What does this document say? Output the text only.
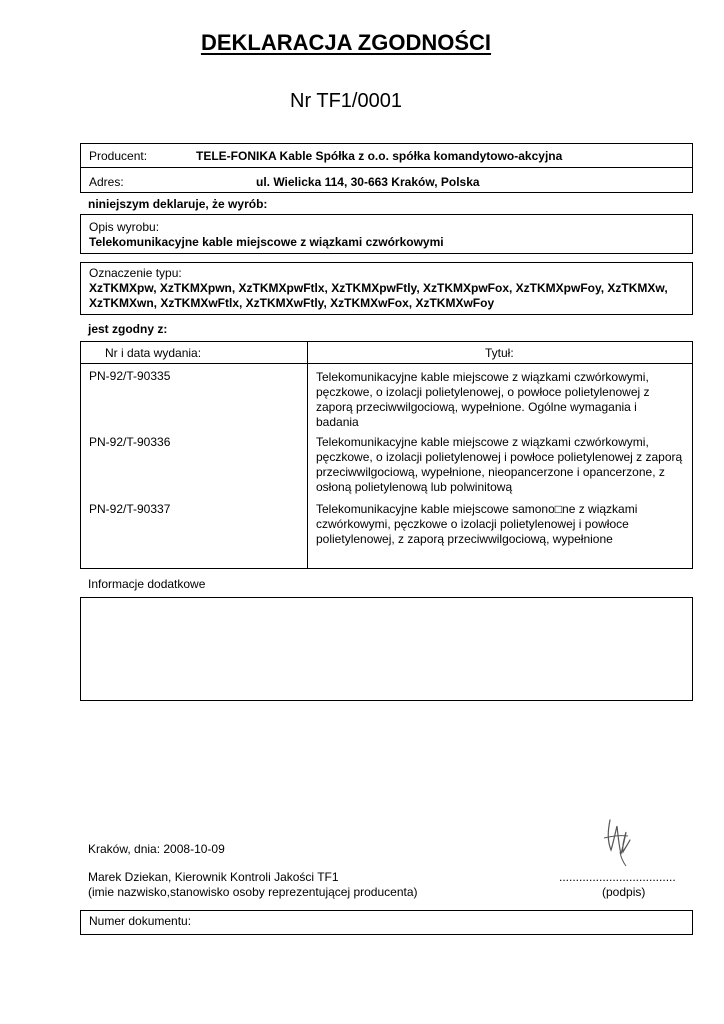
DEKLARACJA ZGODNOŚCI
Nr TF1/0001
Producent:	TELE-FONIKA Kable Spółka z o.o. spółka komandytowo-akcyjna
Adres:	ul. Wielicka 114, 30-663 Kraków, Polska
niniejszym deklaruje, że wyrób:
Opis wyrobu:
Telekomunikacyjne kable miejscowe z wiązkami czwórkowymi
Oznaczenie typu:
XzTKMXpw, XzTKMXpwn, XzTKMXpwFtlx, XzTKMXpwFtly, XzTKMXpwFox, XzTKMXpwFoy, XzTKMXw,
XzTKMXwn, XzTKMXwFtlx, XzTKMXwFtly, XzTKMXwFox, XzTKMXwFoy
jest zgodny z:
Nr i data wydania:	Tytuł:
PN-92/T-90335	Telekomunikacyjne kable miejscowe z wiązkami czwórkowymi,
pęczkowe, o izolacji polietylenowej, o powłoce polietylenowej z
zaporą przeciwwilgociową, wypełnione. Ogólne wymagania i
badania
PN-92/T-90336	Telekomunikacyjne kable miejscowe z wiązkami czwórkowymi,
pęczkowe, o izolacji polietylenowej i powłoce polietylenowej z zaporą
przeciwwilgociową, wypełnione, nieopancerzone i opancerzone, z
osłoną polietylenową lub polwinitową
PN-92/T-90337	Telekomunikacyjne kable miejscowe samono□ne z wiązkami
czwórkowymi, pęczkowe o izolacji polietylenowej i powłoce
polietylenowej, z zaporą przeciwwilgociową, wypełnione
Informacje dodatkowe
Kraków, dnia: 2008-10-09
Marek Dziekan, Kierownik Kontroli Jakości TF1
(imie nazwisko,stanowisko osoby reprezentującej producenta)
...................................
(podpis)
Numer dokumentu:
